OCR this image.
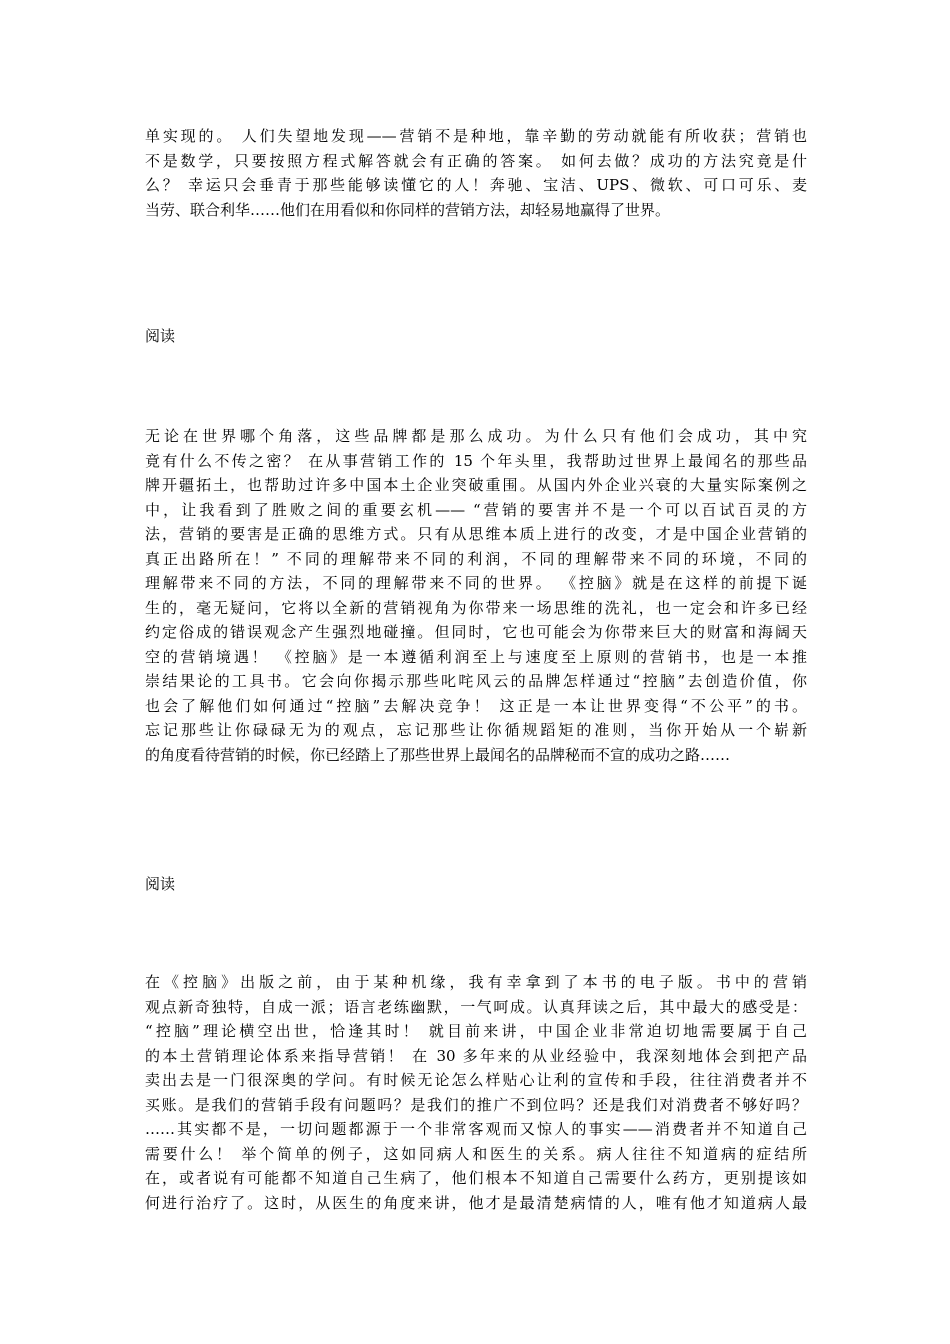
单实现的。 人们失望地发现——营销不是种地，靠辛勤的劳动就能有所收获；营销也
不是数学，只要按照方程式解答就会有正确的答案。 如何去做？成功的方法究竟是什
么？ 幸运只会垂青于那些能够读懂它的人！奔驰、宝洁、UPS、微软、可口可乐、麦
当劳、联合利华……他们在用看似和你同样的营销方法，却轻易地赢得了世界。
阅读
无论在世界哪个角落，这些品牌都是那么成功。为什么只有他们会成功，其中究
竟有什么不传之密？ 在从事营销工作的 15 个年头里，我帮助过世界上最闻名的那些品
牌开疆拓土，也帮助过许多中国本土企业突破重围。从国内外企业兴衰的大量实际案例之
中，让我看到了胜败之间的重要玄机—— “营销的要害并不是一个可以百试百灵的方
法，营销的要害是正确的思维方式。只有从思维本质上进行的改变，才是中国企业营销的
真正出路所在！” 不同的理解带来不同的利润，不同的理解带来不同的环境，不同的
理解带来不同的方法，不同的理解带来不同的世界。 《控脑》就是在这样的前提下诞
生的，毫无疑问，它将以全新的营销视角为你带来一场思维的洗礼，也一定会和许多已经
约定俗成的错误观念产生强烈地碰撞。但同时，它也可能会为你带来巨大的财富和海阔天
空的营销境遇！ 《控脑》是一本遵循利润至上与速度至上原则的营销书，也是一本推
崇结果论的工具书。它会向你揭示那些叱咤风云的品牌怎样通过“控脑”去创造价值，你
也会了解他们如何通过“控脑”去解决竞争！ 这正是一本让世界变得“不公平”的书。
忘记那些让你碌碌无为的观点，忘记那些让你循规蹈矩的准则，当你开始从一个崭新
的角度看待营销的时候，你已经踏上了那些世界上最闻名的品牌秘而不宣的成功之路……
阅读
在《控脑》出版之前，由于某种机缘，我有幸拿到了本书的电子版。书中的营销
观点新奇独特，自成一派；语言老练幽默，一气呵成。认真拜读之后，其中最大的感受是：
“控脑”理论横空出世，恰逢其时！ 就目前来讲，中国企业非常迫切地需要属于自己
的本土营销理论体系来指导营销！ 在 30 多年来的从业经验中，我深刻地体会到把产品
卖出去是一门很深奥的学问。有时候无论怎么样贴心让利的宣传和手段，往往消费者并不
买账。是我们的营销手段有问题吗？是我们的推广不到位吗？还是我们对消费者不够好吗？
……其实都不是，一切问题都源于一个非常客观而又惊人的事实——消费者并不知道自己
需要什么！ 举个简单的例子，这如同病人和医生的关系。病人往往不知道病的症结所
在，或者说有可能都不知道自己生病了，他们根本不知道自己需要什么药方，更别提该如
何进行治疗了。这时，从医生的角度来讲，他才是最清楚病情的人，唯有他才知道病人最
